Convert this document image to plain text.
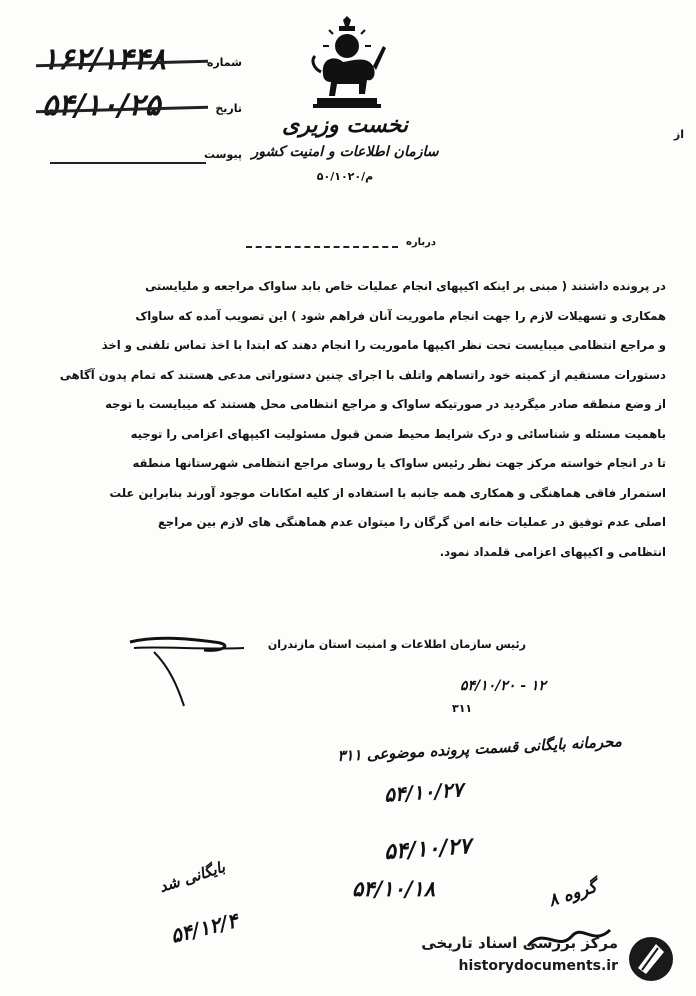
۱۶۲/۱۴۴۸	شماره
۵۴/۱۰/۲۵	تاریخ
پیوست
نخست وزیری
سازمان اطلاعات و امنیت کشور
م/۵۰/۱۰۲۰
از
درباره

در پرونده داشتند ( مبنی بر اینکه اکیپهای انجام عملیات خاص بابد ساواک مراجعه و ملیایستی

همکاری و تسهیلات لازم را جهت انجام ماموریت آنان فراهم شود ) این تصویب آمده که ساواک

و مراجع انتظامی میبایست تحت نظر اکیپها ماموریت را انجام دهند که ابتدا با اخذ تماس تلفنی و اخذ

دستورات مستقیم از کمیته خود راتساهم واتلف با اجرای چنین دستوراتی مدعی هستند که تمام پدون آگاهی

از وضع منطقه صادر میگردید در صورتیکه ساواک و مراجع انتظامی محل هستند که میبایست با توجه

باهمیت مسئله و شناسائی و درک شرایط محیط ضمن قبول مسئولیت اکیپهای اعزامی را توجیه

تا در انجام خواسته مرکز جهت نظر رئیس ساواک یا روسای مراجع انتظامی شهرستانها منطقه

استمرار فاقی هماهنگی و همکاری همه جانبه با استفاده از کلیه امکانات موجود آورند بنابراین علت

اصلی عدم توفیق در عملیات خانه امن گرگان را میتوان عدم هماهنگی های لازم بین مراجع

انتظامی و اکیپهای اعزامی قلمداد نمود.

رئیس سازمان اطلاعات و امنیت استان مازندران
۵۴/۱۰/۲۰ - ۱۲
۳۱۱
محرمانه بایگانی قسمت پرونده موضوعی ۳۱۱
۵۴/۱۰/۲۷
۵۴/۱۰/۲۷
۵۴/۱۰/۱۸
بایگانی شد
۵۴/۱۲/۴
گروه ۸
مرکز بررسی اسناد تاریخی
historydocuments.ir
